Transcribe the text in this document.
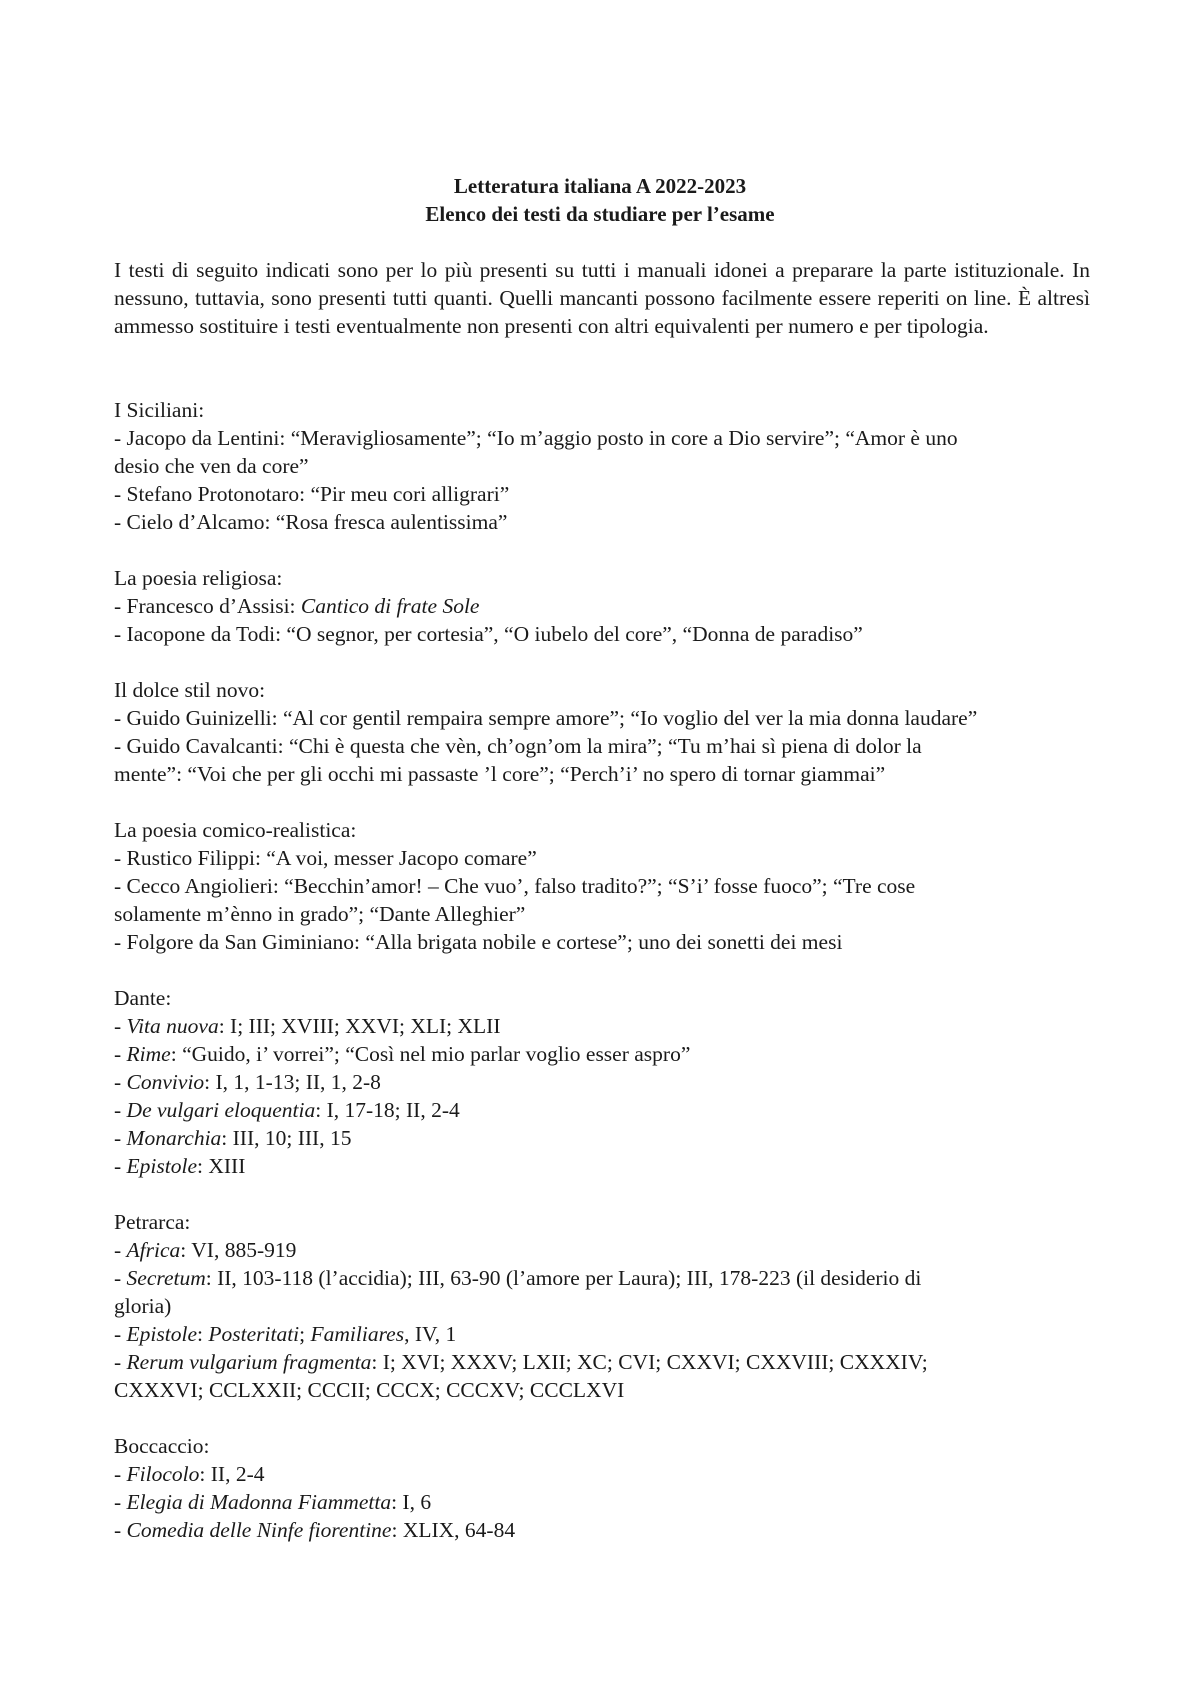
Letteratura italiana A 2022-2023
Elenco dei testi da studiare per l’esame
I testi di seguito indicati sono per lo più presenti su tutti i manuali idonei a preparare la parte istituzionale. In nessuno, tuttavia, sono presenti tutti quanti. Quelli mancanti possono facilmente essere reperiti on line. È altresì ammesso sostituire i testi eventualmente non presenti con altri equivalenti per numero e per tipologia.
I Siciliani:
- Jacopo da Lentini: “Meravigliosamente”; “Io m’aggio posto in core a Dio servire”; “Amor è uno
desio che ven da core”
- Stefano Protonotaro: “Pir meu cori alligrari”
- Cielo d’Alcamo: “Rosa fresca aulentissima”
La poesia religiosa:
- Francesco d’Assisi: Cantico di frate Sole
- Iacopone da Todi: “O segnor, per cortesia”, “O iubelo del core”, “Donna de paradiso”
Il dolce stil novo:
- Guido Guinizelli: “Al cor gentil rempaira sempre amore”; “Io voglio del ver la mia donna laudare”
- Guido Cavalcanti: “Chi è questa che vèn, ch’ogn’om la mira”; “Tu m’hai sì piena di dolor la
mente”: “Voi che per gli occhi mi passaste ’l core”; “Perch’i’ no spero di tornar giammai”
La poesia comico-realistica:
- Rustico Filippi: “A voi, messer Jacopo comare”
- Cecco Angiolieri: “Becchin’amor! – Che vuo’, falso tradito?”; “S’i’ fosse fuoco”; “Tre cose
solamente m’ènno in grado”; “Dante Alleghier”
- Folgore da San Giminiano: “Alla brigata nobile e cortese”; uno dei sonetti dei mesi
Dante:
- Vita nuova: I; III; XVIII; XXVI; XLI; XLII
- Rime: “Guido, i’ vorrei”; “Così nel mio parlar voglio esser aspro”
- Convivio: I, 1, 1-13; II, 1, 2-8
- De vulgari eloquentia: I, 17-18; II, 2-4
- Monarchia: III, 10; III, 15
- Epistole: XIII
Petrarca:
- Africa: VI, 885-919
- Secretum: II, 103-118 (l’accidia); III, 63-90 (l’amore per Laura); III, 178-223 (il desiderio di
gloria)
- Epistole: Posteritati; Familiares, IV, 1
- Rerum vulgarium fragmenta: I; XVI; XXXV; LXII; XC; CVI; CXXVI; CXXVIII; CXXXIV;
CXXXVI; CCLXXII; CCCII; CCCX; CCCXV; CCCLXVI
Boccaccio:
- Filocolo: II, 2-4
- Elegia di Madonna Fiammetta: I, 6
- Comedia delle Ninfe fiorentine: XLIX, 64-84
